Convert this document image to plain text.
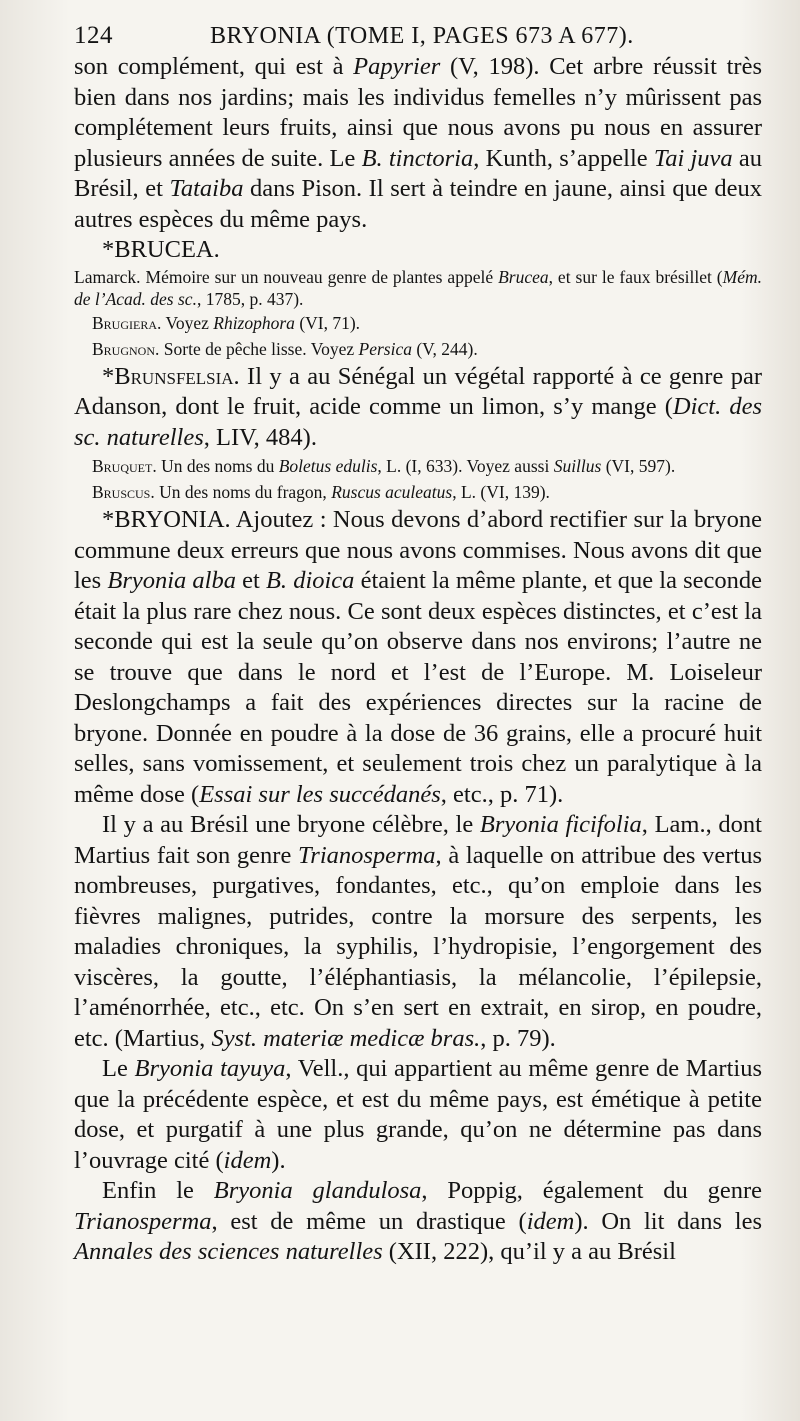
124	BRYONIA (TOME I, PAGES 673 A 677).

son complément, qui est à Papyrier (V, 198). Cet arbre réussit très bien dans nos jardins; mais les individus femelles n’y mûrissent pas complétement leurs fruits, ainsi que nous avons pu nous en assurer plusieurs années de suite. Le B. tinctoria, Kunth, s’appelle Tai juva au Brésil, et Tataiba dans Pison. Il sert à teindre en jaune, ainsi que deux autres espèces du même pays.

*BRUCEA.

Lamarck. Mémoire sur un nouveau genre de plantes appelé Brucea, et sur le faux brésillet (Mém. de l’Acad. des sc., 1785, p. 437).

Brugiera. Voyez Rhizophora (VI, 71).

Brugnon. Sorte de pêche lisse. Voyez Persica (V, 244).

*Brunsfelsia. Il y a au Sénégal un végétal rapporté à ce genre par Adanson, dont le fruit, acide comme un limon, s’y mange (Dict. des sc. naturelles, LIV, 484).

Bruquet. Un des noms du Boletus edulis, L. (I, 633). Voyez aussi Suillus (VI, 597).

Bruscus. Un des noms du fragon, Ruscus aculeatus, L. (VI, 139).

*BRYONIA. Ajoutez : Nous devons d’abord rectifier sur la bryone commune deux erreurs que nous avons commises. Nous avons dit que les Bryonia alba et B. dioica étaient la même plante, et que la seconde était la plus rare chez nous. Ce sont deux espèces distinctes, et c’est la seconde qui est la seule qu’on observe dans nos environs; l’autre ne se trouve que dans le nord et l’est de l’Europe. M. Loiseleur Deslongchamps a fait des expériences directes sur la racine de bryone. Donnée en poudre à la dose de 36 grains, elle a procuré huit selles, sans vomissement, et seulement trois chez un paralytique à la même dose (Essai sur les succédanés, etc., p. 71).

Il y a au Brésil une bryone célèbre, le Bryonia ficifolia, Lam., dont Martius fait son genre Trianosperma, à laquelle on attribue des vertus nombreuses, purgatives, fondantes, etc., qu’on emploie dans les fièvres malignes, putrides, contre la morsure des serpents, les maladies chroniques, la syphilis, l’hydropisie, l’engorgement des viscères, la goutte, l’éléphantiasis, la mélancolie, l’épilepsie, l’aménorrhée, etc., etc. On s’en sert en extrait, en sirop, en poudre, etc. (Martius, Syst. materiæ medicæ bras., p. 79).

Le Bryonia tayuya, Vell., qui appartient au même genre de Martius que la précédente espèce, et est du même pays, est émétique à petite dose, et purgatif à une plus grande, qu’on ne détermine pas dans l’ouvrage cité (idem).

Enfin le Bryonia glandulosa, Poppig, également du genre Trianosperma, est de même un drastique (idem). On lit dans les Annales des sciences naturelles (XII, 222), qu’il y a au Brésil
